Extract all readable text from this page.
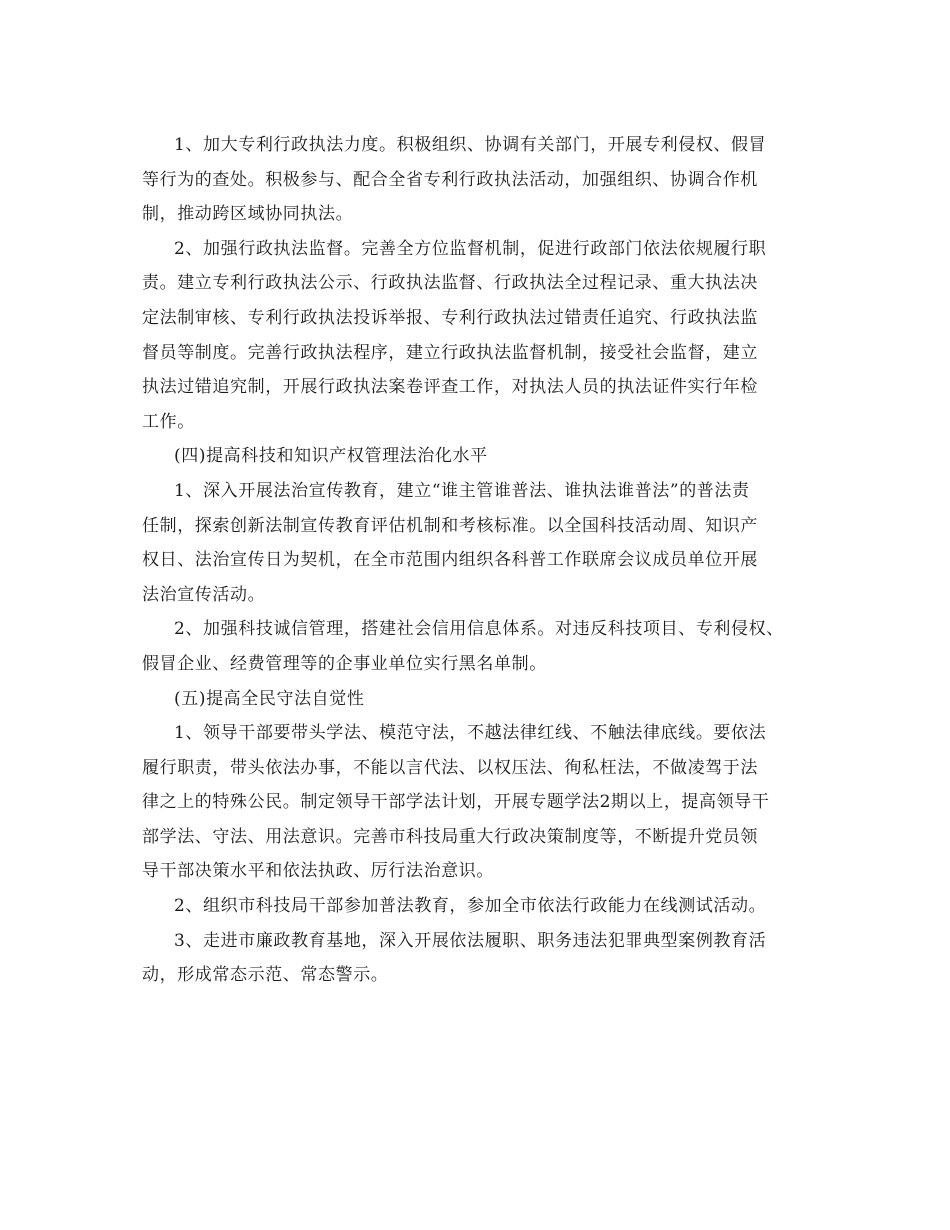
1、加大专利行政执法力度。积极组织、协调有关部门，开展专利侵权、假冒
等行为的查处。积极参与、配合全省专利行政执法活动，加强组织、协调合作机
制，推动跨区域协同执法。
2、加强行政执法监督。完善全方位监督机制，促进行政部门依法依规履行职
责。建立专利行政执法公示、行政执法监督、行政执法全过程记录、重大执法决
定法制审核、专利行政执法投诉举报、专利行政执法过错责任追究、行政执法监
督员等制度。完善行政执法程序，建立行政执法监督机制，接受社会监督，建立
执法过错追究制，开展行政执法案卷评查工作，对执法人员的执法证件实行年检
工作。
(四)提高科技和知识产权管理法治化水平
1、深入开展法治宣传教育，建立“谁主管谁普法、谁执法谁普法”的普法责
任制，探索创新法制宣传教育评估机制和考核标准。以全国科技活动周、知识产
权日、法治宣传日为契机，在全市范围内组织各科普工作联席会议成员单位开展
法治宣传活动。
2、加强科技诚信管理，搭建社会信用信息体系。对违反科技项目、专利侵权、
假冒企业、经费管理等的企事业单位实行黑名单制。
(五)提高全民守法自觉性
1、领导干部要带头学法、模范守法，不越法律红线、不触法律底线。要依法
履行职责，带头依法办事，不能以言代法、以权压法、徇私枉法，不做凌驾于法
律之上的特殊公民。制定领导干部学法计划，开展专题学法2期以上，提高领导干
部学法、守法、用法意识。完善市科技局重大行政决策制度等，不断提升党员领
导干部决策水平和依法执政、厉行法治意识。
2、组织市科技局干部参加普法教育，参加全市依法行政能力在线测试活动。
3、走进市廉政教育基地，深入开展依法履职、职务违法犯罪典型案例教育活
动，形成常态示范、常态警示。
